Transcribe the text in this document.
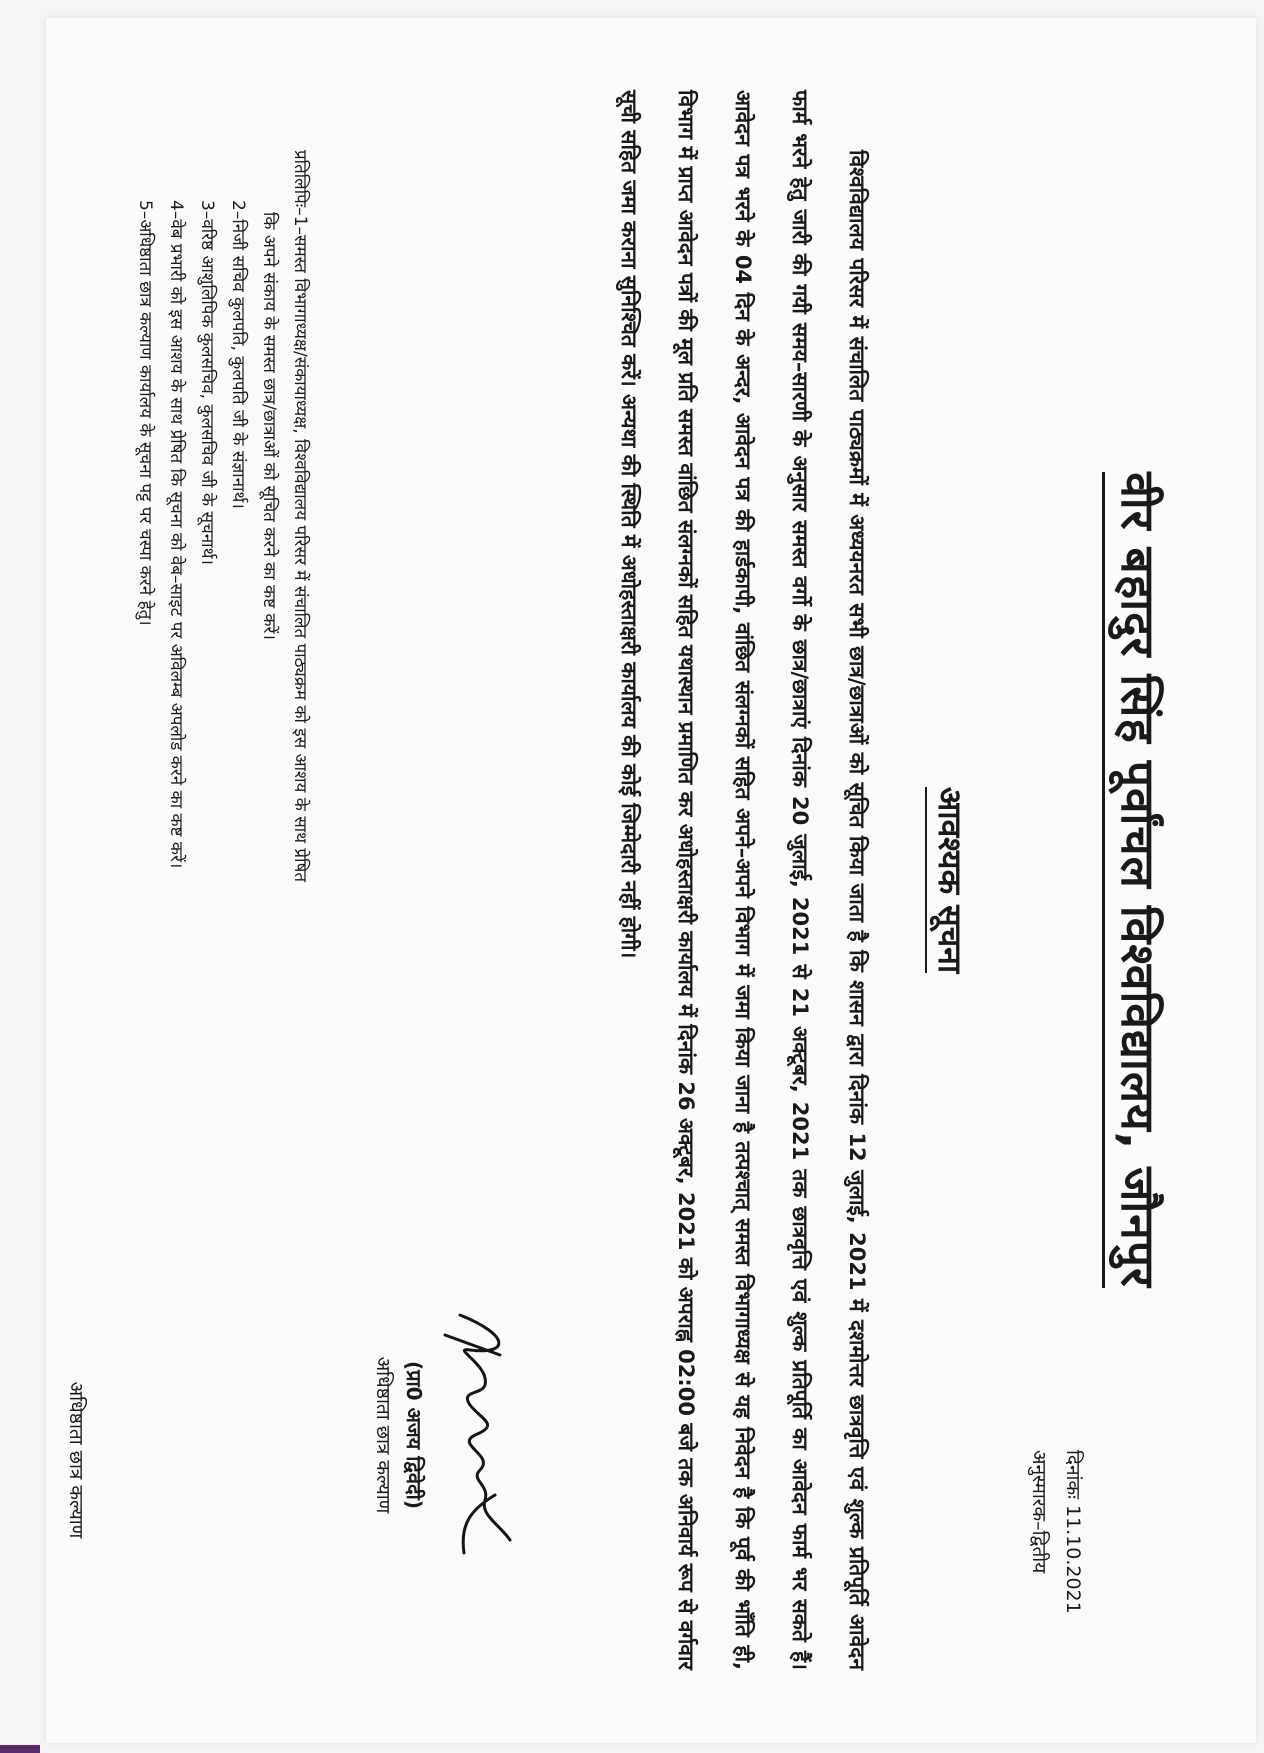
वीर बहादुर सिंह पूर्वांचल विश्वविद्यालय, जौनपुर
दिनांकः 11.10.2021
अनुस्मारक–द्वितीय
आवश्यक सूचना
विश्वविद्यालय परिसर में संचालित पाठ्यक्रमों में अध्ययनरत सभी छात्र/छात्राओं को सूचित किया जाता है कि शासन द्वारा दिनांक 12 जुलाई, 2021 में दशमोत्तर छात्रवृत्ति एवं शुल्क प्रतिपूर्ति आवेदन फार्म भरने हेतु जारी की गयी समय–सारणी के अनुसार समस्त वर्गो के छात्र/छात्राएं दिनांक 20 जुलाई, 2021 से 21 अक्टूबर, 2021 तक छात्रवृत्ति एवं शुल्क प्रतिपूर्ति का आवेदन फार्म भर सकते हैं। आवेदन पत्र भरने के 04 दिन के अन्दर, आवेदन पत्र की हार्डकापी, वांछित संलग्नकों सहित अपने–अपने विभाग में जमा किया जाना है तत्पश्चात् समस्त विभागाध्यक्ष से यह निवेदन है कि पूर्व की भाँति ही, विभाग में प्राप्त आवेदन पत्रों की मूल प्रति समस्त वांछित संलग्नकों सहित यथास्थान प्रमाणित कर अधोहस्ताक्षरी कार्यालय में दिनांक 26 अक्टूबर, 2021 को अपराह्न 02:00 बजे तक अनिवार्य रूप से वर्गवार सूची सहित जमा कराना सुनिश्चित करें। अन्यथा की स्थिति में अधोहस्ताक्षरी कार्यालय की कोई जिम्मेदारी नहीं होगी।
(प्रा0 अजय द्विवेदी)
अधिष्ठाता छात्र कल्याण
प्रतिलिपिः–1–समस्त विभागाध्यक्ष/संकायाध्यक्ष, विश्वविद्यालय परिसर में संचालित पाठ्यक्रम को इस आशय के साथ प्रेषित
कि अपने संकाय के समस्त छात्र/छात्राओं को सूचित करने का कष्ट करें।
2–निजी सचिव कुलपति, कुलपति जी के संज्ञानार्थ।
3–वरिष्ठ आशुलिपिक कुलसचिव, कुलसचिव जी के सूचनार्थ।
4–वेब प्रभारी को इस आशय के साथ प्रेषित कि सूचना को वेब–साइट पर अविलम्ब अपलोड करने का कष्ट करें।
5–अधिष्ठाता छात्र कल्याण कार्यालय के सूचना पट्ट पर चस्पा करने हेतु।
अधिष्ठाता छात्र कल्याण
